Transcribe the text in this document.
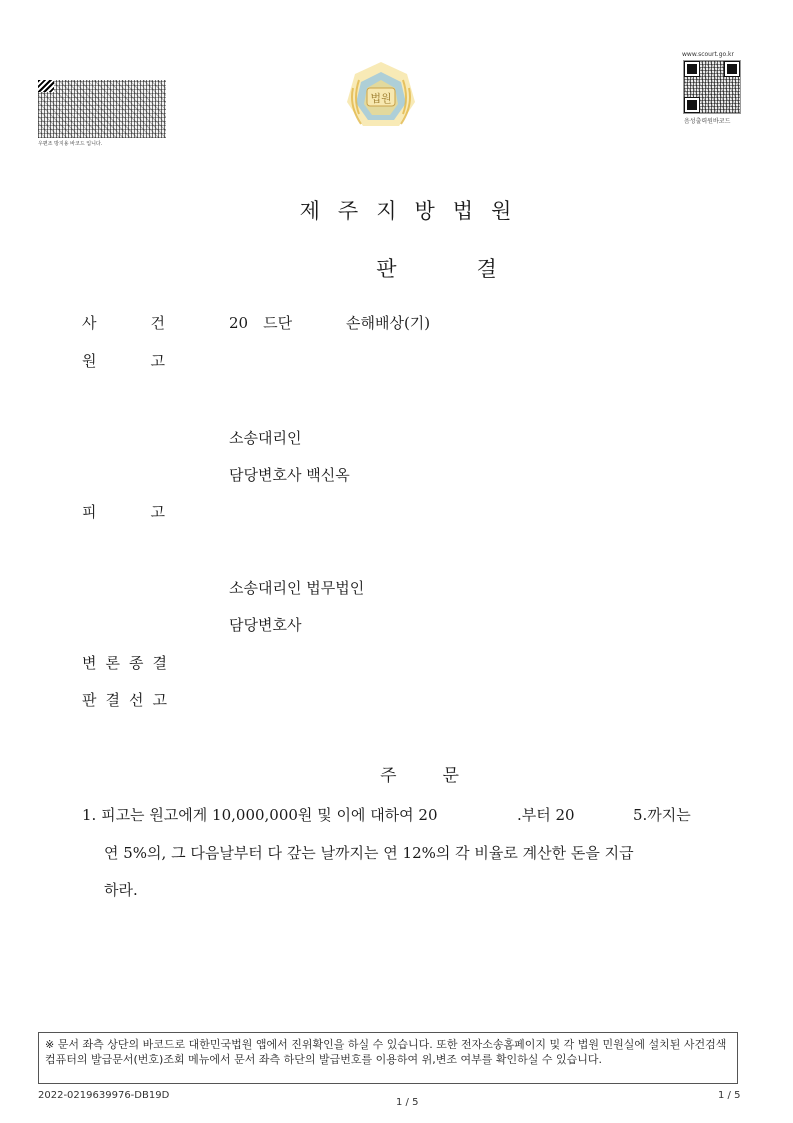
우편조 방지용 바코드 입니다.
법원
www.scourt.go.kr
음성출력원바코드
제주지방법원
판결
사건 20　드단	손해배상(기)
원고
소송대리인
담당변호사 백신옥
피고
소송대리인 법무법인
담당변호사
변론종결
판결선고
주문
1. 피고는 원고에게 10,000,000원 및 이에 대하여 20	.부터 20	5.까지는
연 5%의, 그 다음날부터 다 갚는 날까지는 연 12%의 각 비율로 계산한 돈을 지급
하라.
※ 문서 좌측 상단의 바코드로 대한민국법원 앱에서 진위확인을 하실 수 있습니다. 또한 전자소송홈페이지 및 각 법원 민원실에 설치된 사건검색 컴퓨터의 발급문서(번호)조회 메뉴에서 문서 좌측 하단의 발급번호를 이용하여 위,변조 여부를 확인하실 수 있습니다.
2022-0219639976-DB19D
1 / 5
1 / 5
